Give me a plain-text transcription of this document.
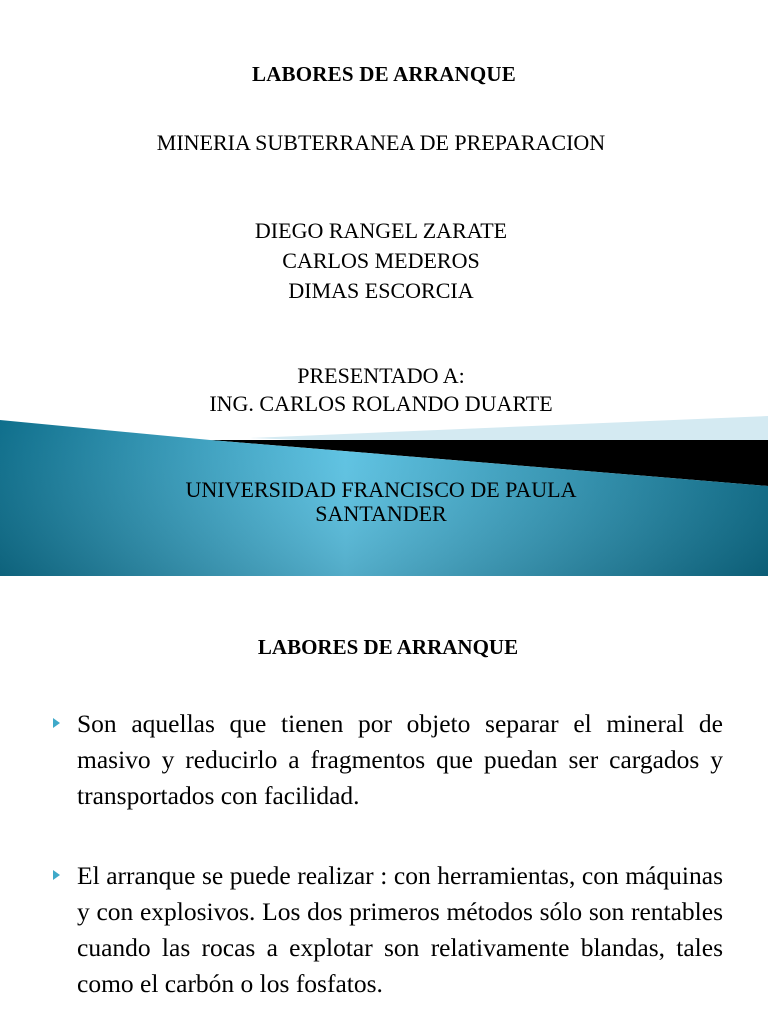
LABORES DE ARRANQUE
MINERIA SUBTERRANEA DE PREPARACION
DIEGO RANGEL ZARATE
CARLOS MEDEROS
DIMAS ESCORCIA
PRESENTADO A:
ING. CARLOS ROLANDO DUARTE
UNIVERSIDAD FRANCISCO DE PAULA
SANTANDER
LABORES DE ARRANQUE
Son aquellas que tienen por objeto separar el mineral de masivo y reducirlo a fragmentos que puedan ser cargados y transportados con facilidad.
El arranque se puede realizar : con herramientas, con máquinas y con explosivos. Los dos primeros métodos sólo son rentables cuando las rocas a explotar son relativamente blandas, tales como el carbón o los fosfatos.
